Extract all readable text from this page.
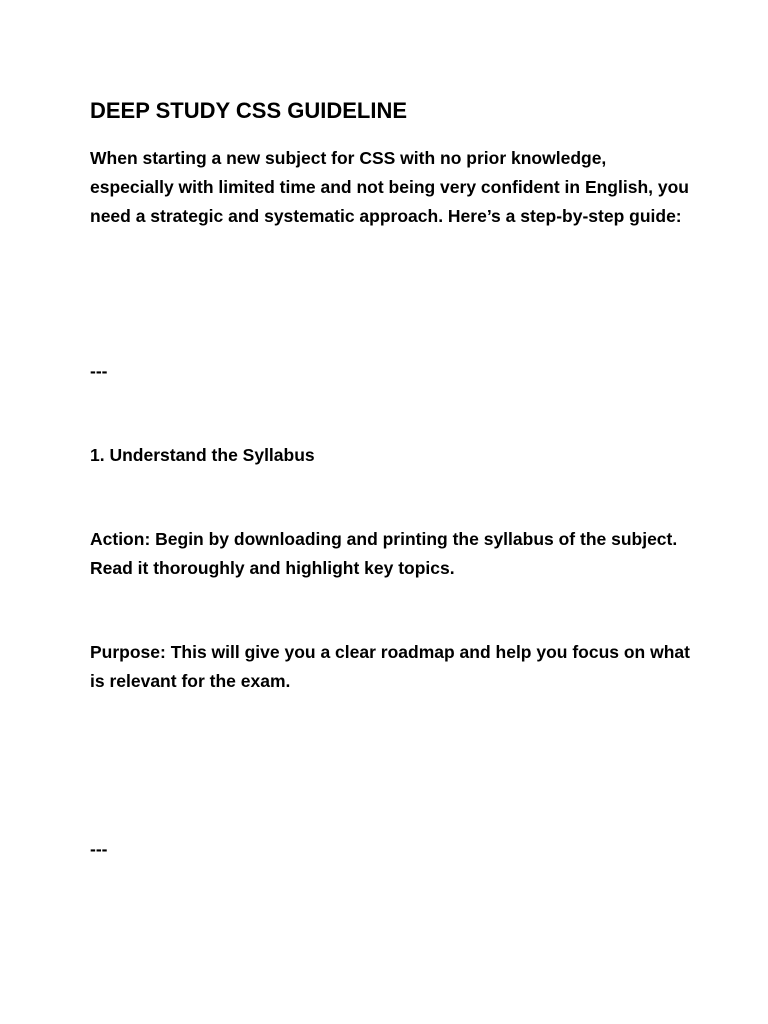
DEEP STUDY CSS GUIDELINE

When starting a new subject for CSS with no prior knowledge, especially with limited time and not being very confident in English, you need a strategic and systematic approach. Here’s a step-by-step guide:

---

1. Understand the Syllabus

Action: Begin by downloading and printing the syllabus of the subject. Read it thoroughly and highlight key topics.

Purpose: This will give you a clear roadmap and help you focus on what is relevant for the exam.

---
